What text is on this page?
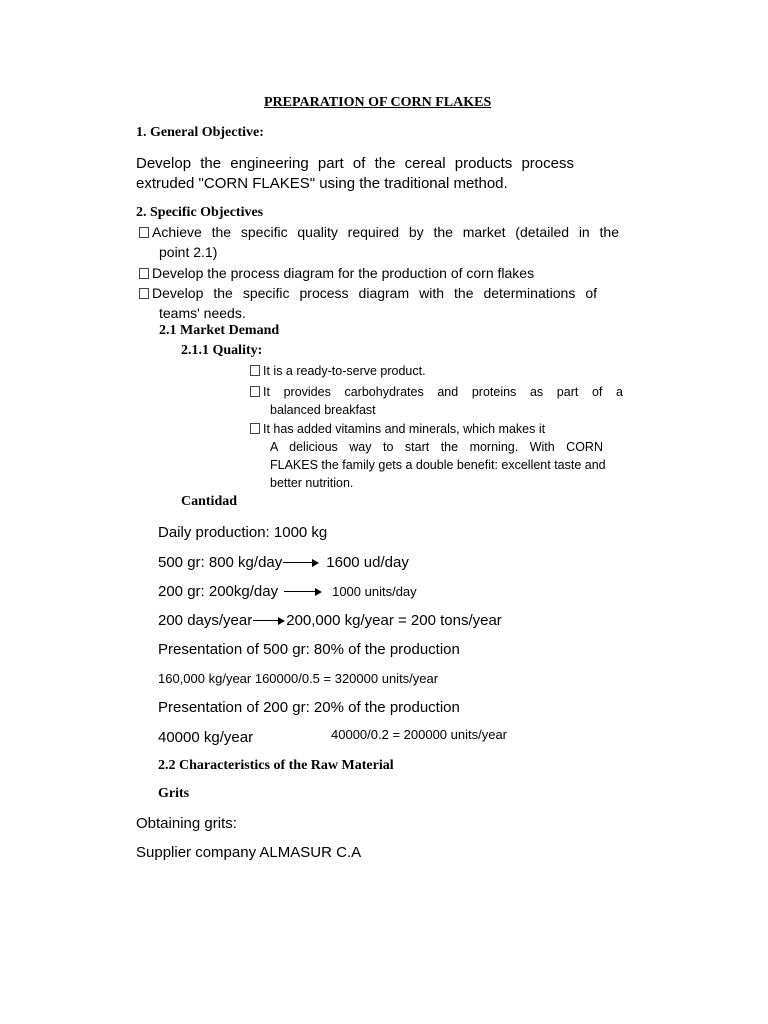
PREPARATION OF CORN FLAKES
1. General Objective:
Develop the engineering part of the cereal products process
extruded "CORN FLAKES" using the traditional method.
2. Specific Objectives
Achieve the specific quality required by the market (detailed in the
point 2.1)
Develop the process diagram for the production of corn flakes
Develop the specific process diagram with the determinations of
teams' needs.
2.1 Market Demand
2.1.1 Quality:
It is a ready-to-serve product.
It provides carbohydrates and proteins as part of a
balanced breakfast
It has added vitamins and minerals, which makes it
A delicious way to start the morning. With CORN
FLAKES the family gets a double benefit: excellent taste and
better nutrition.
Cantidad
Daily production: 1000 kg
500 gr: 800 kg/day	1600 ud/day
200 gr: 200kg/day	1000 units/day
200 days/year 200,000 kg/year = 200 tons/year
Presentation of 500 gr: 80% of the production
160,000 kg/year 160000/0.5 = 320000 units/year
Presentation of 200 gr: 20% of the production
40000 kg/year	40000/0.2 = 200000 units/year
2.2 Characteristics of the Raw Material
Grits
Obtaining grits:
Supplier company ALMASUR C.A
